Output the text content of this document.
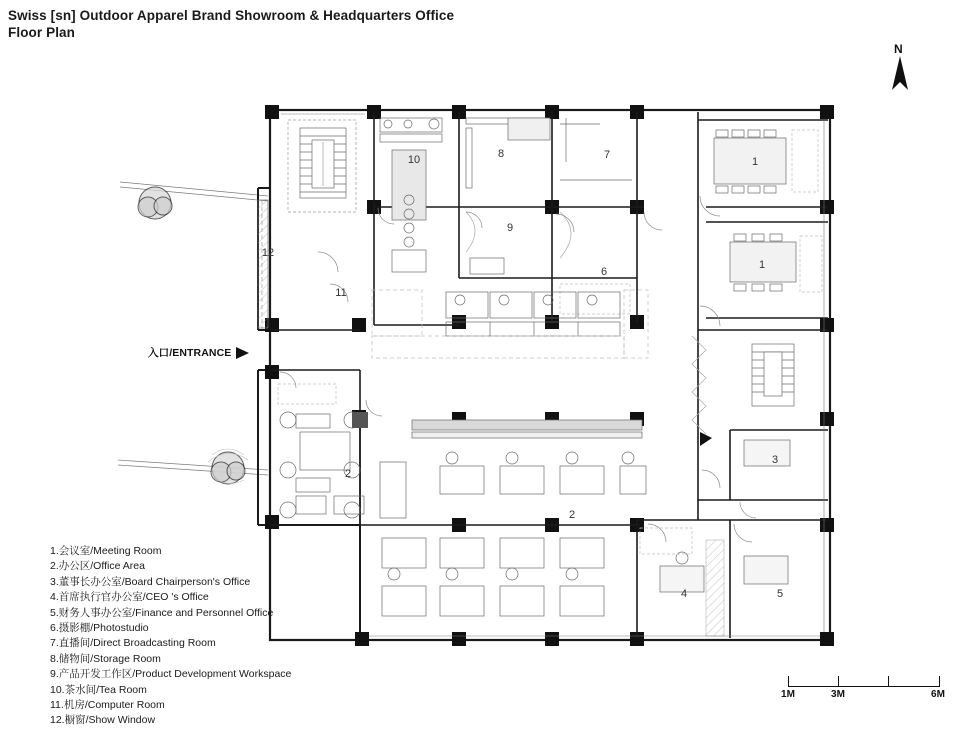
Swiss [sn] Outdoor Apparel Brand Showroom & Headquarters Office
Floor Plan
N
入口/ENTRANCE
1
1
2
2
3
4	5
6
7
8
9
10
11
12
1.会议室/Meeting Room
2.办公区/Office Area
3.董事长办公室/Board Chairperson's Office
4.首席执行官办公室/CEO 's Office
5.财务人事办公室/Finance and Personnel Office
6.摄影棚/Photostudio
7.直播间/Direct Broadcasting Room
8.储物间/Storage Room
9.产品开发工作区/Product Development Workspace
10.茶水间/Tea Room
11.机房/Computer Room
12.橱窗/Show Window
1M	3M	6M
